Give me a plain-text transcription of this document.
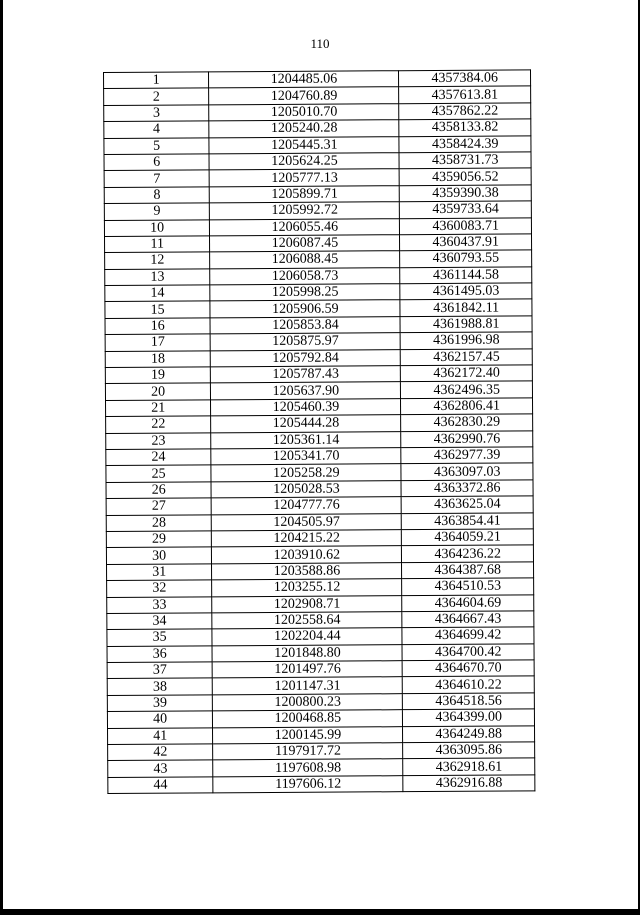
110
1	1204485.06	4357384.06
2	1204760.89	4357613.81
3	1205010.70	4357862.22
4	1205240.28	4358133.82
5	1205445.31	4358424.39
6	1205624.25	4358731.73
7	1205777.13	4359056.52
8	1205899.71	4359390.38
9	1205992.72	4359733.64
10	1206055.46	4360083.71
11	1206087.45	4360437.91
12	1206088.45	4360793.55
13	1206058.73	4361144.58
14	1205998.25	4361495.03
15	1205906.59	4361842.11
16	1205853.84	4361988.81
17	1205875.97	4361996.98
18	1205792.84	4362157.45
19	1205787.43	4362172.40
20	1205637.90	4362496.35
21	1205460.39	4362806.41
22	1205444.28	4362830.29
23	1205361.14	4362990.76
24	1205341.70	4362977.39
25	1205258.29	4363097.03
26	1205028.53	4363372.86
27	1204777.76	4363625.04
28	1204505.97	4363854.41
29	1204215.22	4364059.21
30	1203910.62	4364236.22
31	1203588.86	4364387.68
32	1203255.12	4364510.53
33	1202908.71	4364604.69
34	1202558.64	4364667.43
35	1202204.44	4364699.42
36	1201848.80	4364700.42
37	1201497.76	4364670.70
38	1201147.31	4364610.22
39	1200800.23	4364518.56
40	1200468.85	4364399.00
41	1200145.99	4364249.88
42	1197917.72	4363095.86
43	1197608.98	4362918.61
44	1197606.12	4362916.88
